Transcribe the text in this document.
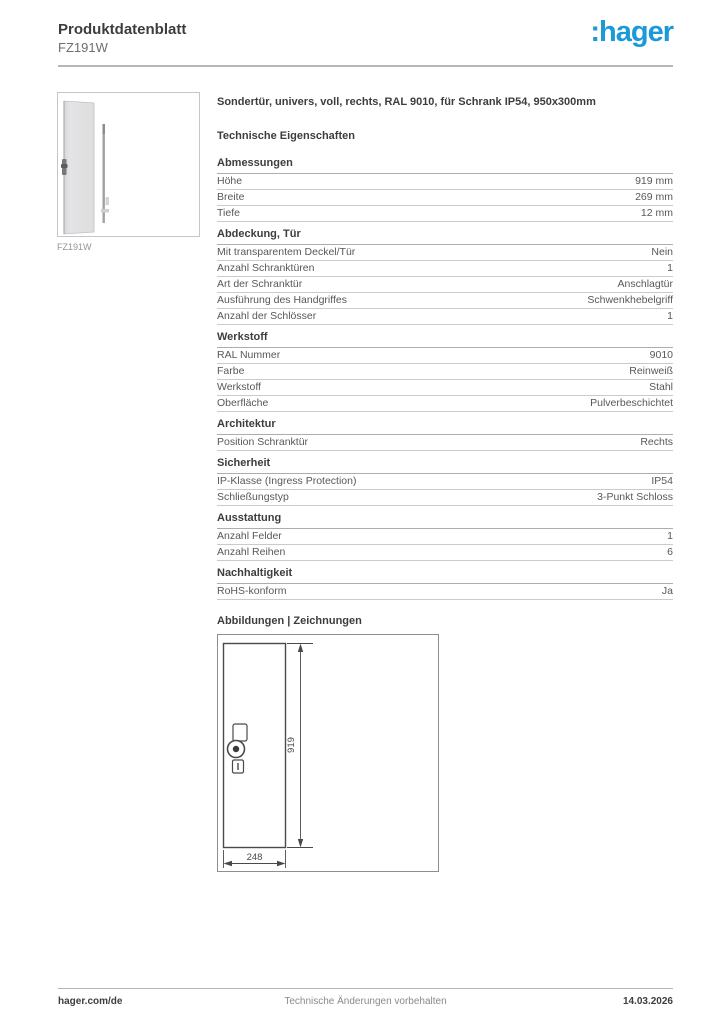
Produktdatenblatt
FZ191W	:hager
FZ191W
Sondertür, univers, voll, rechts, RAL 9010, für Schrank IP54, 950x300mm
Technische Eigenschaften
Abmessungen
Höhe	919 mm
Breite	269 mm
Tiefe	12 mm
Abdeckung, Tür
Mit transparentem Deckel/Tür	Nein
Anzahl Schranktüren	1
Art der Schranktür	Anschlagtür
Ausführung des Handgriffes	Schwenkhebelgriff
Anzahl der Schlösser	1
Werkstoff
RAL Nummer	9010
Farbe	Reinweiß
Werkstoff	Stahl
Oberfläche	Pulverbeschichtet
Architektur
Position Schranktür	Rechts
Sicherheit
IP-Klasse (Ingress Protection)	IP54
Schließungstyp	3-Punkt Schloss
Ausstattung
Anzahl Felder	1
Anzahl Reihen	6
Nachhaltigkeit
RoHS-konform	Ja
Abbildungen | Zeichnungen
919
248
Technische Änderungen vorbehalten
hager.com/de	14.03.2026
